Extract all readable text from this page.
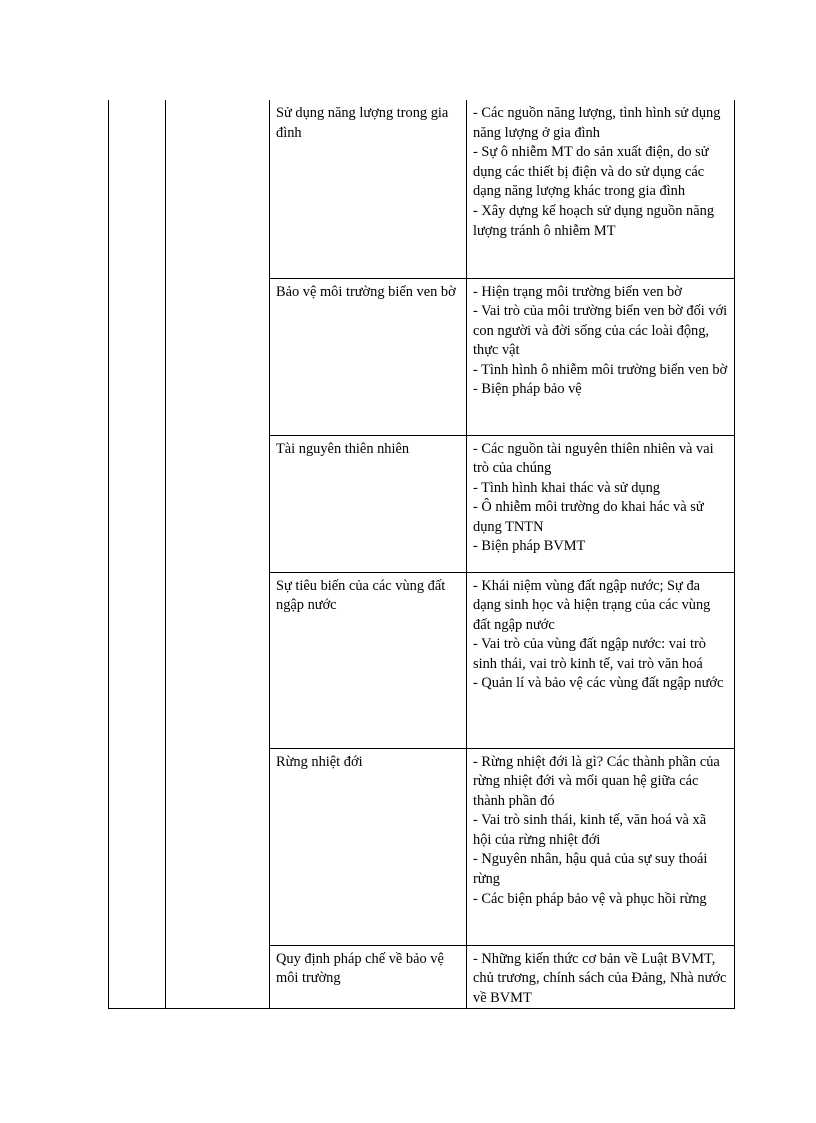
		Sử dụng năng lượng trong gia đình	- Các nguồn năng lượng, tình hình sử dụng năng lượng ở gia đình
- Sự ô nhiễm MT do sản xuất điện, do sử dụng các thiết bị điện và do sử dụng các dạng năng lượng khác trong gia đình
- Xây dựng kế hoạch sử dụng nguồn năng lượng tránh ô nhiễm MT

		Bảo vệ môi trường biển ven bờ	- Hiện trạng môi trường biển ven bờ
- Vai trò của môi trường biển ven bờ đối với con người và đời sống của các loài động, thực vật
- Tình hình ô nhiễm môi trường biển ven bờ
- Biện pháp bảo vệ

		Tài nguyên thiên nhiên	- Các nguồn tài nguyên thiên nhiên và vai trò của chúng
- Tình hình khai thác và sử dụng
- Ô nhiễm môi trường do khai hác và sử dụng TNTN
- Biện pháp BVMT

		Sự tiêu biến của các vùng đất ngập nước	- Khái niệm vùng đất ngập nước; Sự đa dạng sinh học và hiện trạng của các vùng đất ngập nước
- Vai trò của vùng đất ngập nước: vai trò sinh thái, vai trò kinh tế, vai trò văn hoá
- Quản lí và bảo vệ các vùng đất ngập nước

		Rừng nhiệt đới	- Rừng nhiệt đới là gì? Các thành phần của rừng nhiệt đới và mối quan hệ giữa các thành phần đó
- Vai trò sinh thái, kinh tế, văn hoá và xã hội của rừng nhiệt đới
- Nguyên nhân, hậu quả của sự suy thoái rừng
- Các biện pháp bảo vệ và phục hồi rừng

		Quy định pháp chế về bảo vệ môi trường	- Những kiến thức cơ bản về Luật BVMT, chủ trương, chính sách của Đảng, Nhà nước về BVMT
